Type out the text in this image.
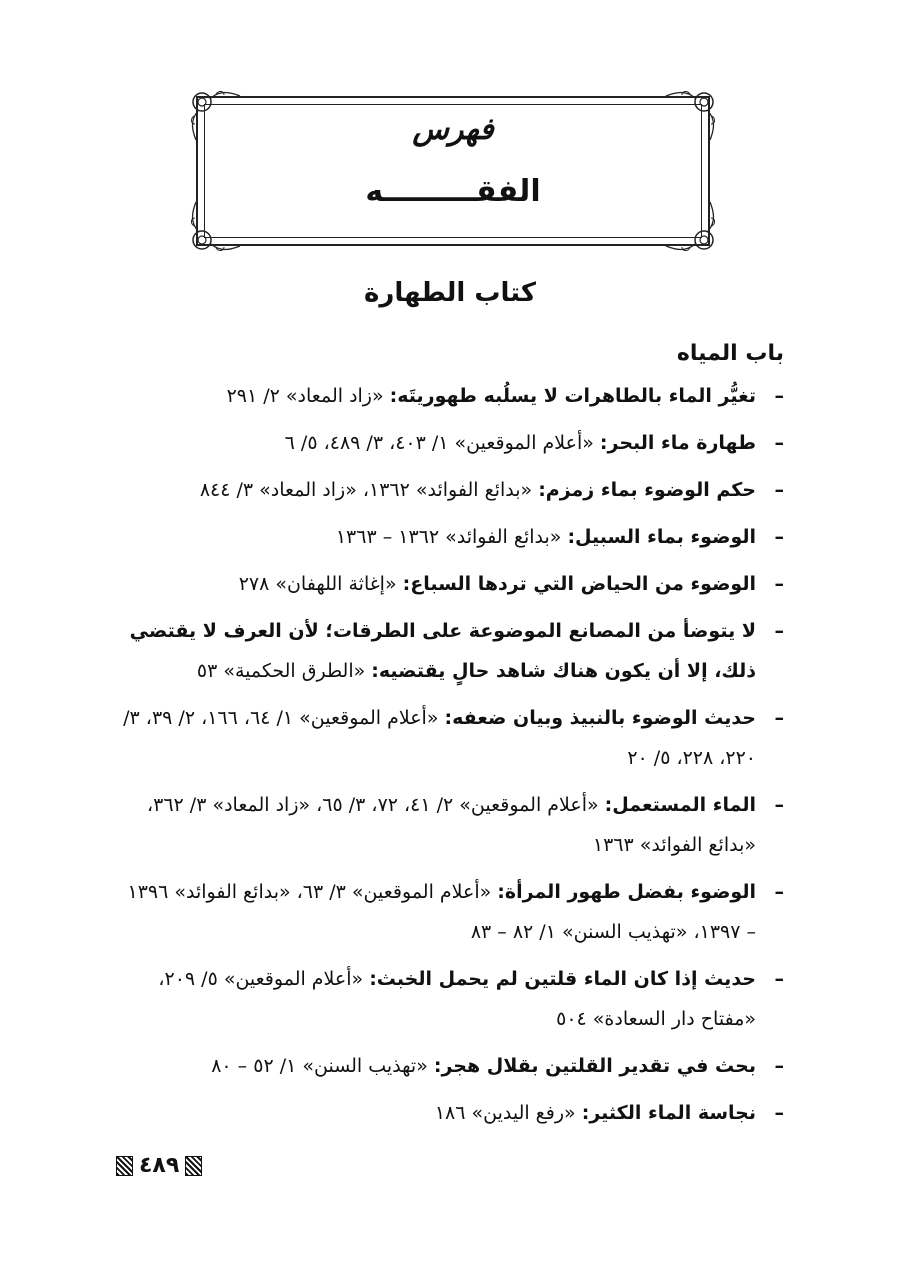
فهرس
الفقـــــــــه
كتاب الطهارة
باب المياه
–
تغيُّر الماء بالطاهرات لا يسلُبه طهوريتَه: «زاد المعاد» ٢/ ٢٩١
–
طهارة ماء البحر: «أعلام الموقعين» ١/ ٤٠٣، ٣/ ٤٨٩، ٥/ ٦
–
حكم الوضوء بماء زمزم: «بدائع الفوائد» ١٣٦٢، «زاد المعاد» ٣/ ٨٤٤
–
الوضوء بماء السبيل: «بدائع الفوائد» ١٣٦٢ – ١٣٦٣
–
الوضوء من الحياض التي تردها السباع: «إغاثة اللهفان» ٢٧٨
–
لا يتوضأ من المصانع الموضوعة على الطرقات؛ لأن العرف لا يقتضي ذلك، إلا أن يكون هناك شاهد حالٍ يقتضيه: «الطرق الحكمية» ٥٣
–
حديث الوضوء بالنبيذ وبيان ضعفه: «أعلام الموقعين» ١/ ٦٤، ١٦٦، ٢/ ٣٩، ٣/ ٢٢٠، ٢٢٨، ٥/ ٢٠
–
الماء المستعمل: «أعلام الموقعين» ٢/ ٤١، ٧٢، ٣/ ٦٥، «زاد المعاد» ٣/ ٣٦٢، «بدائع الفوائد» ١٣٦٣
–
الوضوء بفضل طهور المرأة: «أعلام الموقعين» ٣/ ٦٣، «بدائع الفوائد» ١٣٩٦ – ١٣٩٧، «تهذيب السنن» ١/ ٨٢ – ٨٣
–
حديث إذا كان الماء قلتين لم يحمل الخبث: «أعلام الموقعين» ٥/ ٢٠٩، «مفتاح دار السعادة» ٥٠٤
–
بحث في تقدير القلتين بقلال هجر: «تهذيب السنن» ١/ ٥٢ – ٨٠
–
نجاسة الماء الكثير: «رفع اليدين» ١٨٦
٤٨٩
